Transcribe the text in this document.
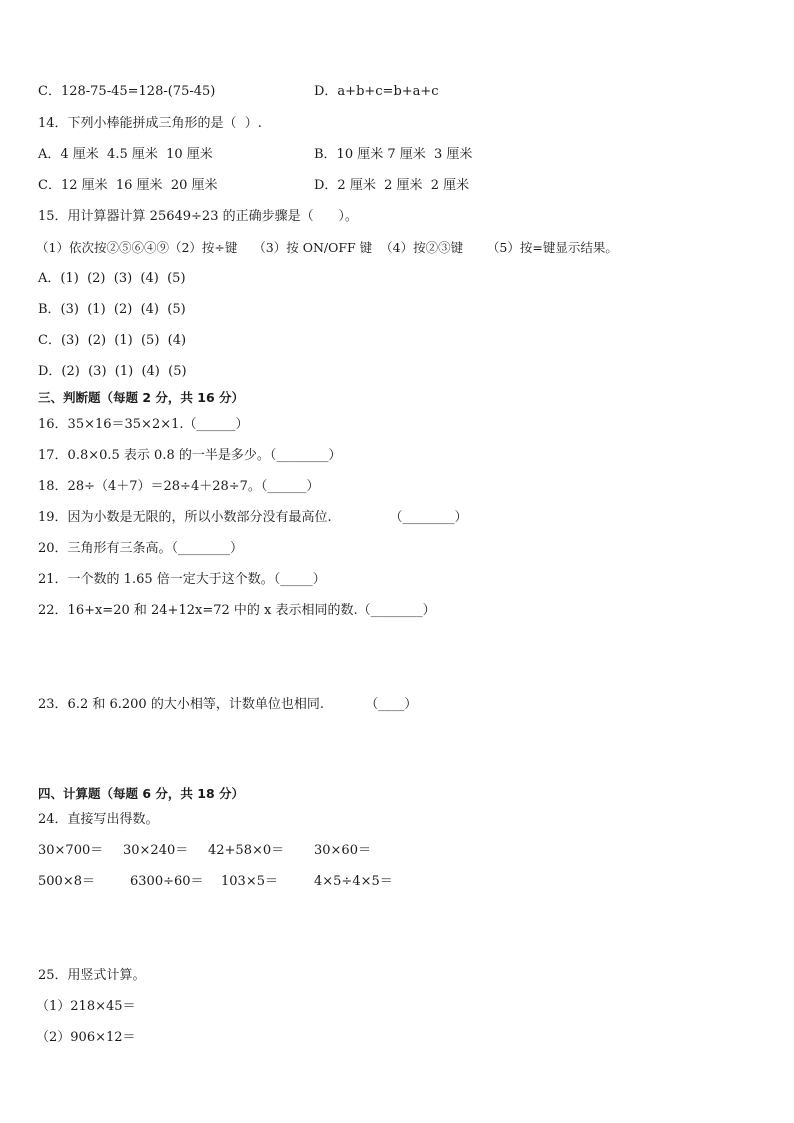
C．128-75-45=128-(75-45)	D．a+b+c=b+a+c
14．下列小棒能拼成三角形的是（  ）.
A．4 厘米  4.5 厘米  10 厘米	B．10 厘米 7 厘米  3 厘米
C．12 厘米  16 厘米  20 厘米	D．2 厘米  2 厘米  2 厘米
15．用计算器计算 25649÷23 的正确步骤是（      ）。
（1）依次按②⑤⑥④⑨（2）按÷键    （3）按 ON/OFF 键  （4）按②③键      （5）按=键显示结果。
A．(1)  (2)  (3)  (4)  (5)
B．(3)  (1)  (2)  (4)  (5)
C．(3)  (2)  (1)  (5)  (4)
D．(2)  (3)  (1)  (4)  (5)
三、判断题（每题 2 分，共 16 分）
16．35×16＝35×2×1.（______）
17．0.8×0.5 表示 0.8 的一半是多少。（________）
18．28÷（4＋7）＝28÷4＋28÷7。（______）
19．因为小数是无限的，所以小数部分没有最高位.              （________）
20．三角形有三条高。（________）
21．一个数的 1.65 倍一定大于这个数。（_____）
22．16+x=20 和 24+12x=72 中的 x 表示相同的数.（________）
23．6.2 和 6.200 的大小相等，计数单位也相同.          （____）
四、计算题（每题 6 分，共 18 分）
24．直接写出得数。
30×700＝ 30×240＝ 42+58×0＝ 30×60＝
500×8＝	6300÷60＝ 103×5＝	4×5÷4×5＝
25．用竖式计算。
（1）218×45＝
（2）906×12＝
